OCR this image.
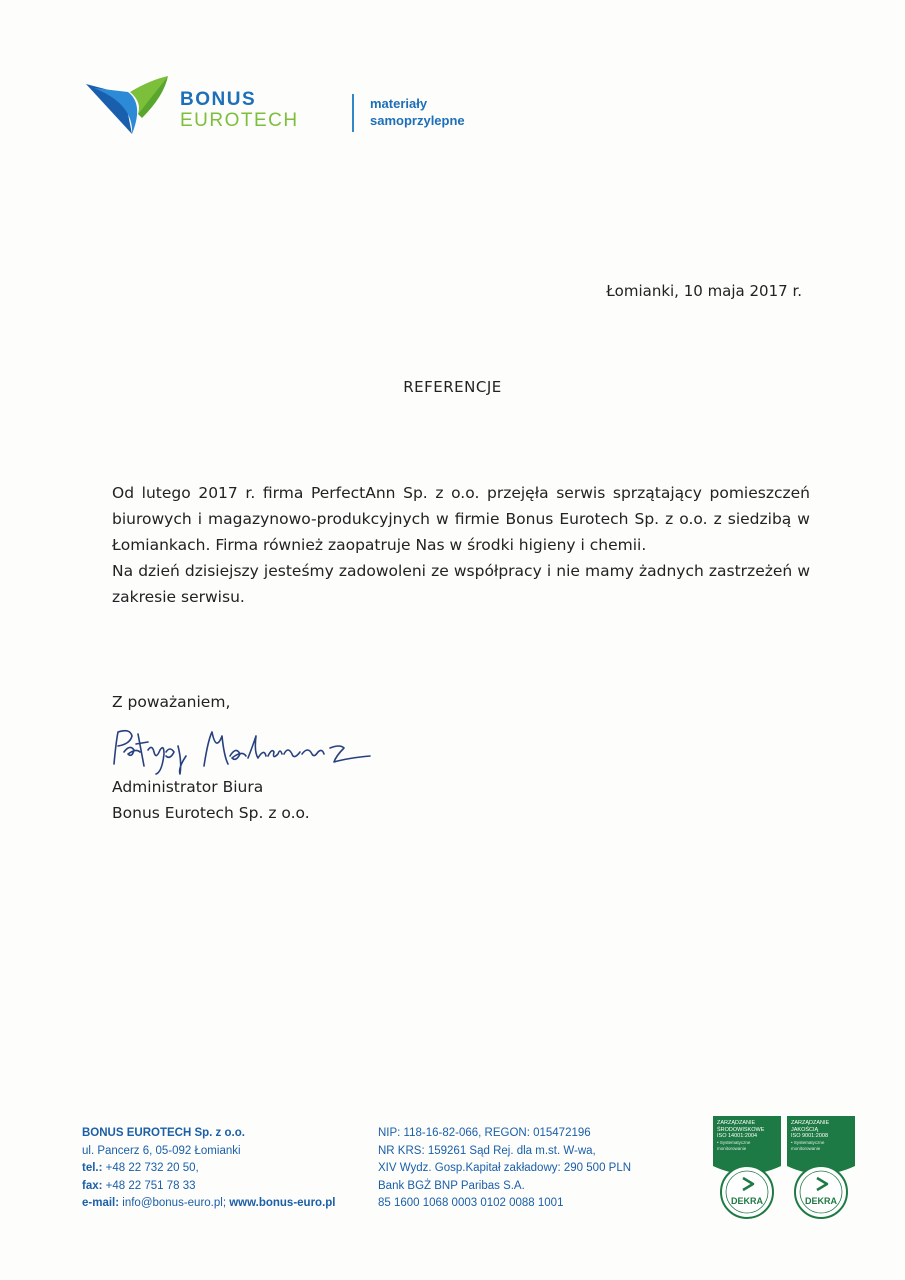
BONUS
EUROTECH
materiały
samoprzylepne
Łomianki, 10 maja 2017 r.
REFERENCJE

Od lutego 2017 r. firma PerfectAnn Sp. z o.o. przejęła serwis sprzątający pomieszczeń biurowych i magazynowo-produkcyjnych w firmie Bonus Eurotech Sp. z o.o. z siedzibą w Łomiankach. Firma również zaopatruje Nas w środki higieny i chemii.

Na dzień dzisiejszy jesteśmy zadowoleni ze współpracy i nie mamy żadnych zastrzeżeń w zakresie serwisu.

Z poważaniem,
Administrator Biura
Bonus Eurotech Sp. z o.o.
BONUS EUROTECH Sp. z o.o.
ul. Pancerz 6, 05-092 Łomianki
tel.: +48 22 732 20 50,
fax: +48 22 751 78 33
e-mail: info@bonus-euro.pl; www.bonus-euro.pl
NIP: 118-16-82-066, REGON: 015472196
NR KRS: 159261 Sąd Rej. dla m.st. W-wa,
XIV Wydz. Gosp.Kapitał zakładowy: 290 500 PLN
Bank BGŻ BNP Paribas S.A.
85 1600 1068 0003 0102 0088 1001
ZARZĄDZANIE
ŚRODOWISKOWE
ISO 14001:2004
• Systematyczne monitorowanie
DEKRA
ZARZĄDZANIE
JAKOŚCIĄ
ISO 9001:2008
• Systematyczne monitorowanie
DEKRA
